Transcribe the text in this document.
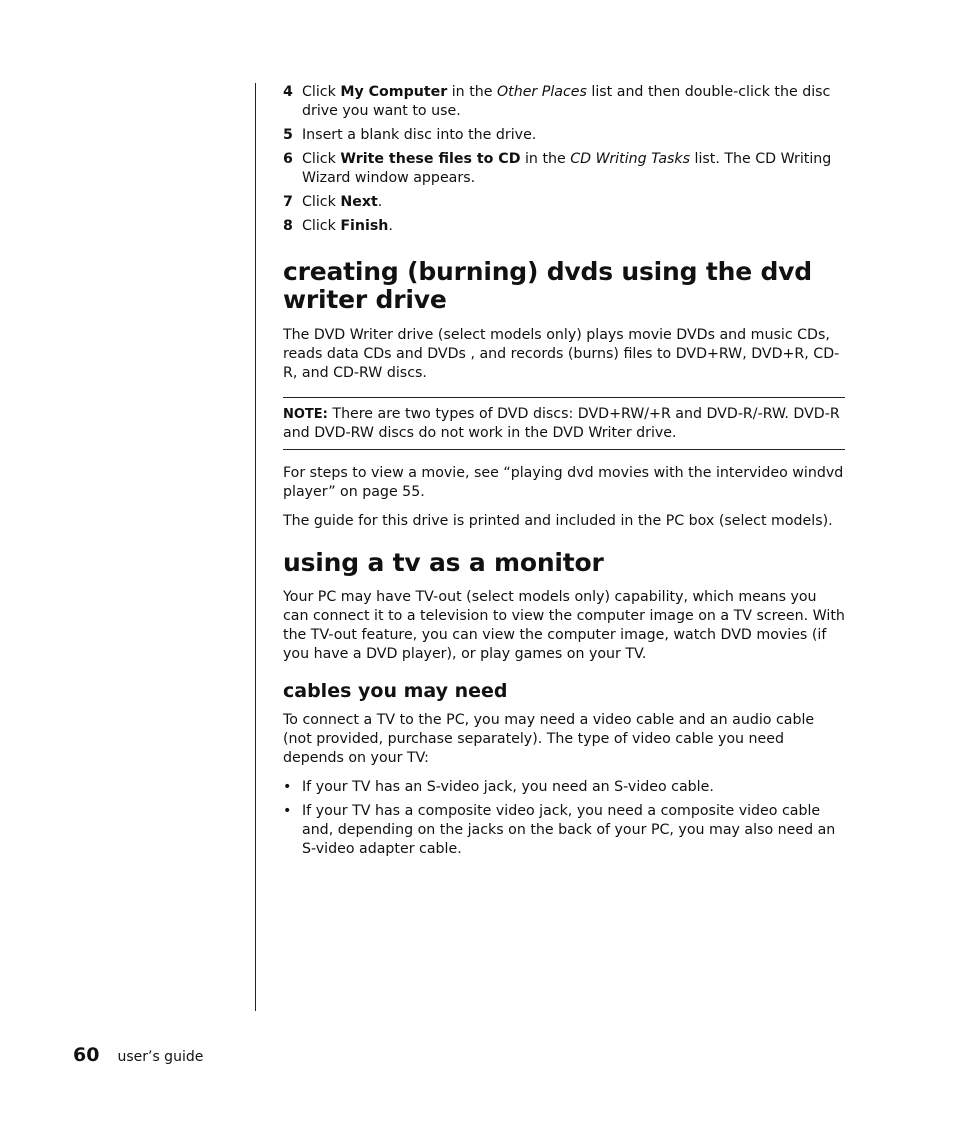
4 Click My Computer in the Other Places list and then double-click the disc drive you want to use.
5 Insert a blank disc into the drive.
6 Click Write these files to CD in the CD Writing Tasks list. The CD Writing Wizard window appears.
7 Click Next.
8 Click Finish.
creating (burning) dvds using the dvd
writer drive

The DVD Writer drive (select models only) plays movie DVDs and music CDs, reads data CDs and DVDs , and records (burns) files to DVD+RW, DVD+R, CD-R, and CD-RW discs.

NOTE: There are two types of DVD discs: DVD+RW/+R and DVD-R/-RW. DVD-R and DVD-RW discs do not work in the DVD Writer drive.

For steps to view a movie, see “playing dvd movies with the intervideo windvd player” on page 55.

The guide for this drive is printed and included in the PC box (select models).

using a tv as a monitor

Your PC may have TV-out (select models only) capability, which means you can connect it to a television to view the computer image on a TV screen. With the TV-out feature, you can view the computer image, watch DVD movies (if you have a DVD player), or play games on your TV.

cables you may need

To connect a TV to the PC, you may need a video cable and an audio cable (not provided, purchase separately). The type of video cable you need depends on your TV:

• If your TV has an S-video jack, you need an S-video cable.
• If your TV has a composite video jack, you need a composite video cable and, depending on the jacks on the back of your PC, you may also need an S-video adapter cable.
60 user’s guide
